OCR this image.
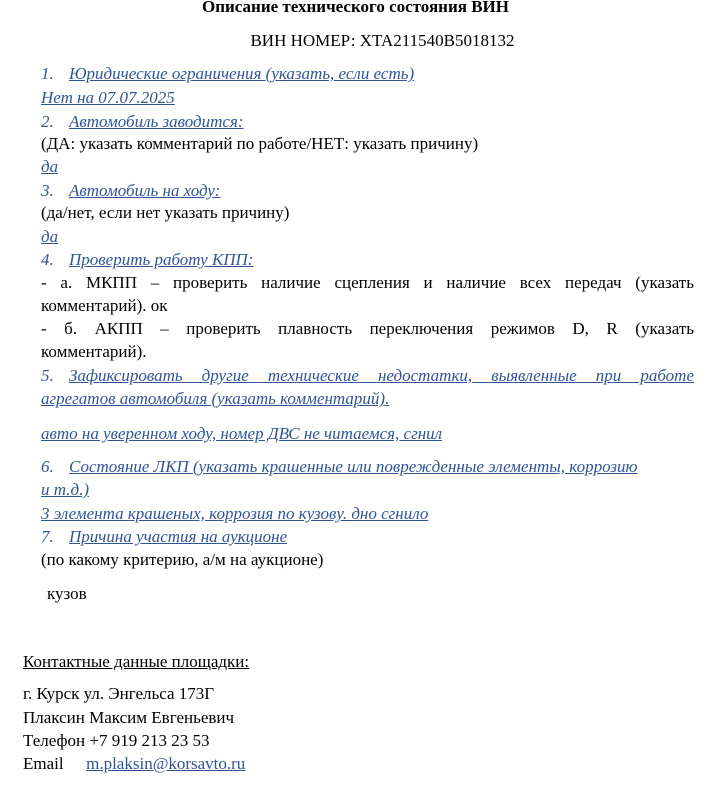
Описание технического состояния ВИН
ВИН НОМЕР: XTA211540B5018132
1. Юридические ограничения (указать, если есть)
Нет на 07.07.2025
2. Автомобиль заводится:
(ДА: указать комментарий по работе/НЕТ: указать причину)
да
3. Автомобиль на ходу:
(да/нет, если нет указать причину)
да
4. Проверить работу КПП:
- а. МКПП – проверить наличие сцепления и наличие всех передач (указать
комментарий). ок
- б. АКПП – проверить плавность переключения режимов D, R (указать
комментарий).
5. Зафиксировать другие технические недостатки, выявленные при работе
агрегатов автомобиля (указать комментарий).
авто на уверенном ходу, номер ДВС не читаемся, сгнил
6. Состояние ЛКП (указать крашенные или поврежденные элементы, коррозию
и т.д.)
3 элемента крашеных, коррозия по кузову. дно сгнило
7. Причина участия на аукционе
(по какому критерию, а/м на аукционе)
кузов
Контактные данные площадки:
г. Курск ул. Энгельса 173Г
Плаксин Максим Евгеньевич
Телефон +7 919 213 23 53
Email m.plaksin@korsavto.ru
